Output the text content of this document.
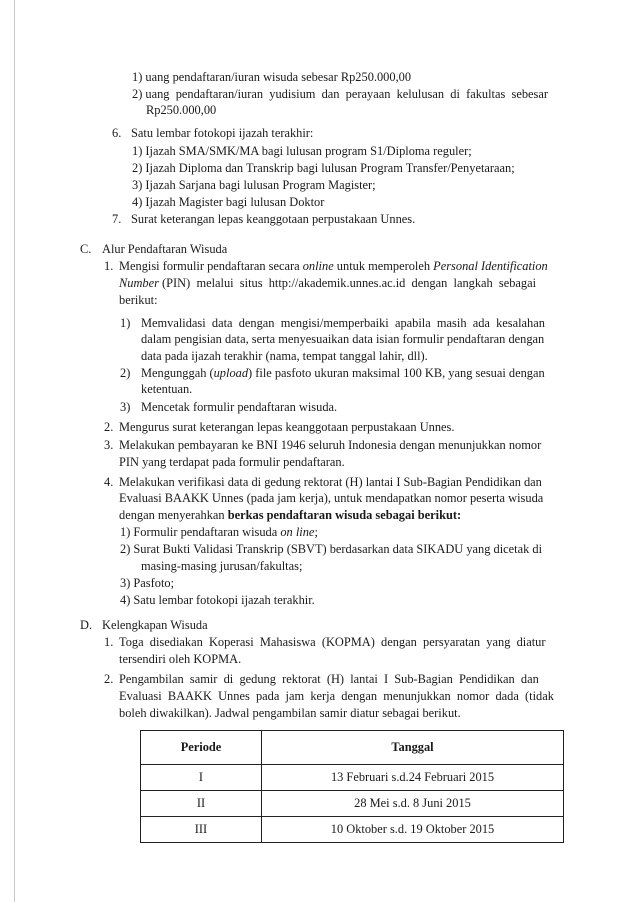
1) uang pendaftaran/iuran wisuda sebesar Rp250.000,00
2) uang  pendaftaran/iuran  yudisium  dan  perayaan  kelulusan  di  fakultas  sebesar
Rp250.000,00
6. Satu lembar fotokopi ijazah terakhir:
1) Ijazah SMA/SMK/MA bagi lulusan program S1/Diploma reguler;
2) Ijazah Diploma dan Transkrip bagi lulusan Program Transfer/Penyetaraan;
3) Ijazah Sarjana bagi lulusan Program Magister;
4) Ijazah Magister bagi lulusan Doktor
7. Surat keterangan lepas keanggotaan perpustakaan Unnes.
C. Alur Pendaftaran Wisuda
1. Mengisi formulir pendaftaran secara online untuk memperoleh Personal Identification
Number (PIN)  melalui  situs  http://akademik.unnes.ac.id  dengan  langkah  sebagai
berikut:
1) Memvalidasi  data  dengan  mengisi/memperbaiki  apabila  masih  ada  kesalahan
dalam pengisian data, serta menyesuaikan data isian formulir pendaftaran dengan
data pada ijazah terakhir (nama, tempat tanggal lahir, dll).
2) Mengunggah (upload) file pasfoto ukuran maksimal 100 KB, yang sesuai dengan
ketentuan.
3) Mencetak formulir pendaftaran wisuda.
2. Mengurus surat keterangan lepas keanggotaan perpustakaan Unnes.
3. Melakukan pembayaran ke BNI 1946 seluruh Indonesia dengan menunjukkan nomor
PIN yang terdapat pada formulir pendaftaran.
4. Melakukan verifikasi data di gedung rektorat (H) lantai I Sub-Bagian Pendidikan dan
Evaluasi BAAKK Unnes (pada jam kerja), untuk mendapatkan nomor peserta wisuda
dengan menyerahkan berkas pendaftaran wisuda sebagai berikut:
1) Formulir pendaftaran wisuda on line;
2) Surat Bukti Validasi Transkrip (SBVT) berdasarkan data SIKADU yang dicetak di
masing-masing jurusan/fakultas;
3) Pasfoto;
4) Satu lembar fotokopi ijazah terakhir.
D. Kelengkapan Wisuda
1. Toga  disediakan  Koperasi  Mahasiswa  (KOPMA)  dengan  persyaratan  yang  diatur
tersendiri oleh KOPMA.
2. Pengambilan  samir  di  gedung  rektorat  (H)  lantai  I  Sub-Bagian  Pendidikan  dan
Evaluasi  BAAKK  Unnes  pada  jam  kerja  dengan  menunjukkan  nomor  dada  (tidak
boleh diwakilkan). Jadwal pengambilan samir diatur sebagai berikut.
Periode	Tanggal
I	13 Februari s.d.24 Februari 2015
II	28 Mei s.d. 8 Juni 2015
III	10 Oktober s.d. 19 Oktober 2015
